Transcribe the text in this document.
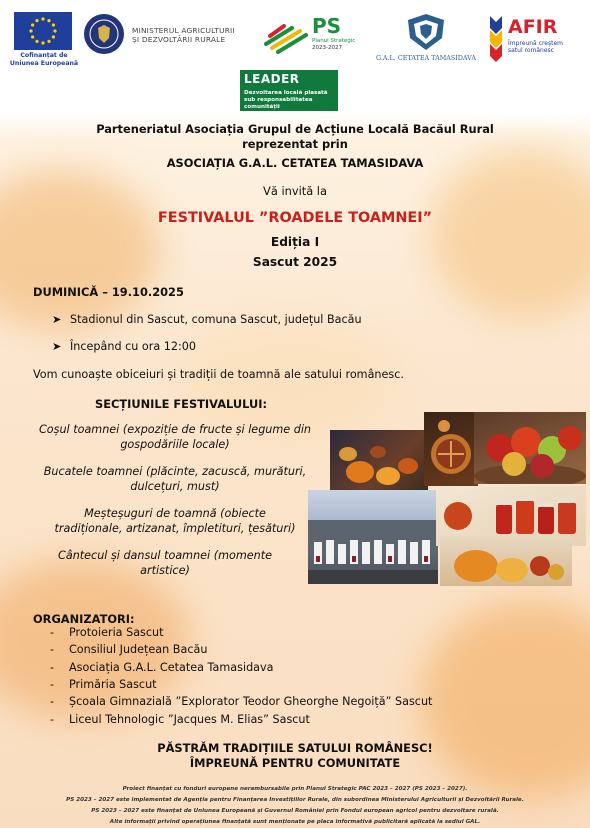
Cofinanțat de Uniunea Europeană
MINISTERUL AGRICULTURII
ȘI DEZVOLTĂRII RURALE
PS
Planul Strategic
2023-2027
G.A.L. CETATEA TAMASIDAVA
AFIR
Împreună creștem
satul românesc
LEADER
Dezvoltarea locală plasată sub responsabilitatea comunității
Parteneriatul Asociația Grupul de Acțiune Locală Bacăul Rural
reprezentat prin
ASOCIAȚIA G.A.L. CETATEA TAMASIDAVA
Vă invită la
FESTIVALUL ”ROADELE TOAMNEI”
Ediția I
Sascut 2025
DUMINICĂ – 19.10.2025
➤ Stadionul din Sascut, comuna Sascut, județul Bacău
➤ Începând cu ora 12:00
Vom cunoaște obiceiuri și tradiții de toamnă ale satului românesc.
SECȚIUNILE FESTIVALULUI:
Coșul toamnei (expoziție de fructe și legume din
gospodăriile locale)
Bucatele toamnei (plăcinte, zacuscă, murături,
dulcețuri, must)
Meșteșuguri de toamnă (obiecte
tradiționale, artizanat, împletituri, țesături)
Cântecul și dansul toamnei (momente
artistice)
ORGANIZATORI:
- Protoieria Sascut
- Consiliul Județean Bacău
- Asociația G.A.L. Cetatea Tamasidava
- Primăria Sascut
- Școala Gimnazială ”Explorator Teodor Gheorghe Negoiță” Sascut
- Liceul Tehnologic ”Jacques M. Elias” Sascut
PĂSTRĂM TRADIȚIILE SATULUI ROMÂNESC!
ÎMPREUNĂ PENTRU COMUNITATE
Proiect finanțat cu fonduri europene nerambursabile prin Planul Strategic PAC 2023 – 2027 (PS 2023 – 2027).
PS 2023 – 2027 este implementat de Agenția pentru Finanțarea Investițiilor Rurale, din subordinea Ministerului Agriculturii și Dezvoltării Rurale.
PS 2023 – 2027 este finanțat de Uniunea Europeană și Guvernul României prin Fondul european agricol pentru dezvoltare rurală.
Alte informații privind operațiunea finanțată sunt menționate pe placa informativă publicitară aplicată la sediul GAL.
